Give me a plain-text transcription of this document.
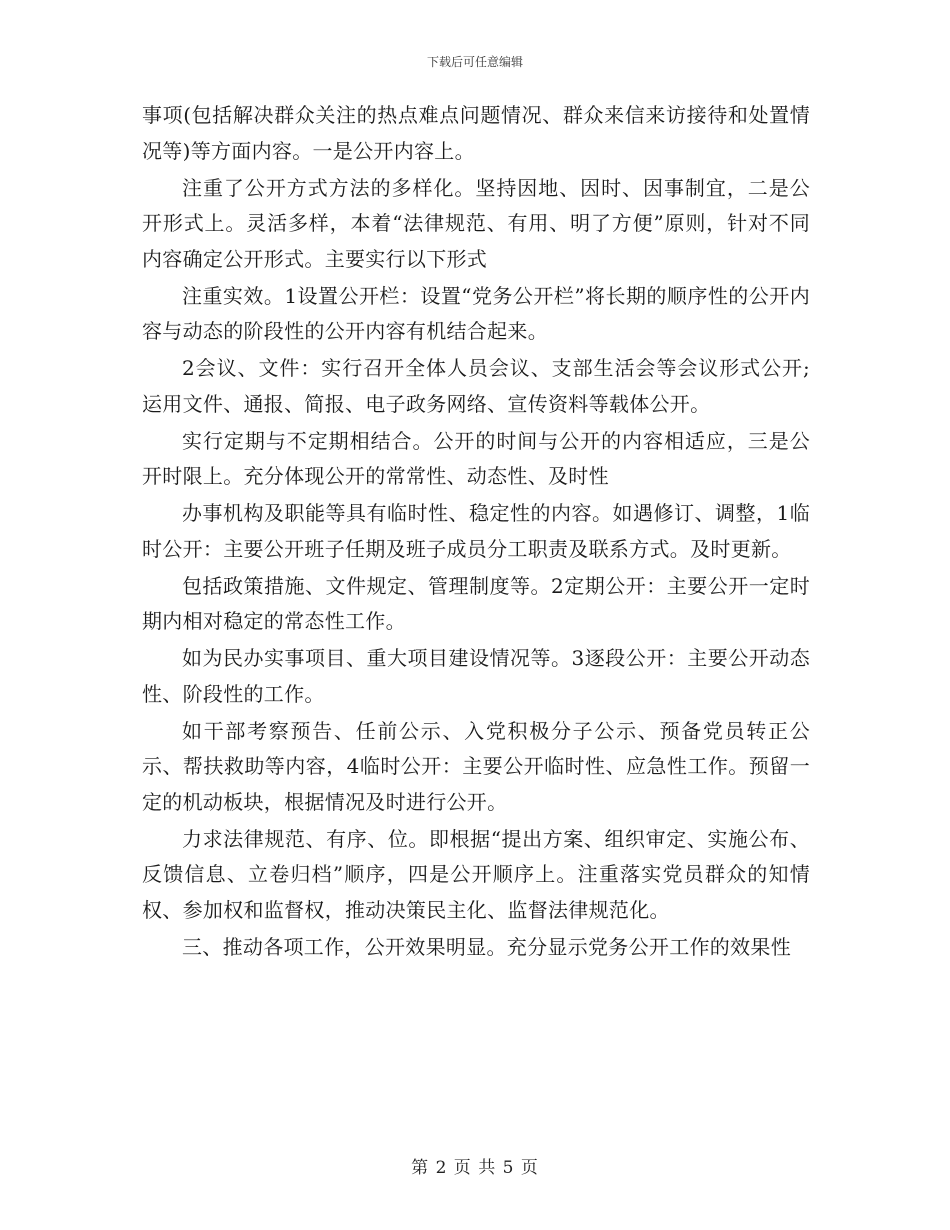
下载后可任意编辑

事项(包括解决群众关注的热点难点问题情况、群众来信来访接待和处置情况等)等方面内容。一是公开内容上。

注重了公开方式方法的多样化。坚持因地、因时、因事制宜，二是公开形式上。灵活多样，本着“法律规范、有用、明了方便”原则，针对不同内容确定公开形式。主要实行以下形式

注重实效。1设置公开栏：设置“党务公开栏”将长期的顺序性的公开内容与动态的阶段性的公开内容有机结合起来。

2会议、文件：实行召开全体人员会议、支部生活会等会议形式公开;运用文件、通报、简报、电子政务网络、宣传资料等载体公开。

实行定期与不定期相结合。公开的时间与公开的内容相适应，三是公开时限上。充分体现公开的常常性、动态性、及时性

办事机构及职能等具有临时性、稳定性的内容。如遇修订、调整，1临时公开：主要公开班子任期及班子成员分工职责及联系方式。及时更新。

包括政策措施、文件规定、管理制度等。2定期公开：主要公开一定时期内相对稳定的常态性工作。

如为民办实事项目、重大项目建设情况等。3逐段公开：主要公开动态性、阶段性的工作。

如干部考察预告、任前公示、入党积极分子公示、预备党员转正公示、帮扶救助等内容，4临时公开：主要公开临时性、应急性工作。预留一定的机动板块，根据情况及时进行公开。

力求法律规范、有序、位。即根据“提出方案、组织审定、实施公布、反馈信息、立卷归档”顺序，四是公开顺序上。注重落实党员群众的知情权、参加权和监督权，推动决策民主化、监督法律规范化。

三、推动各项工作，公开效果明显。充分显示党务公开工作的效果性

第 2 页 共 5 页
